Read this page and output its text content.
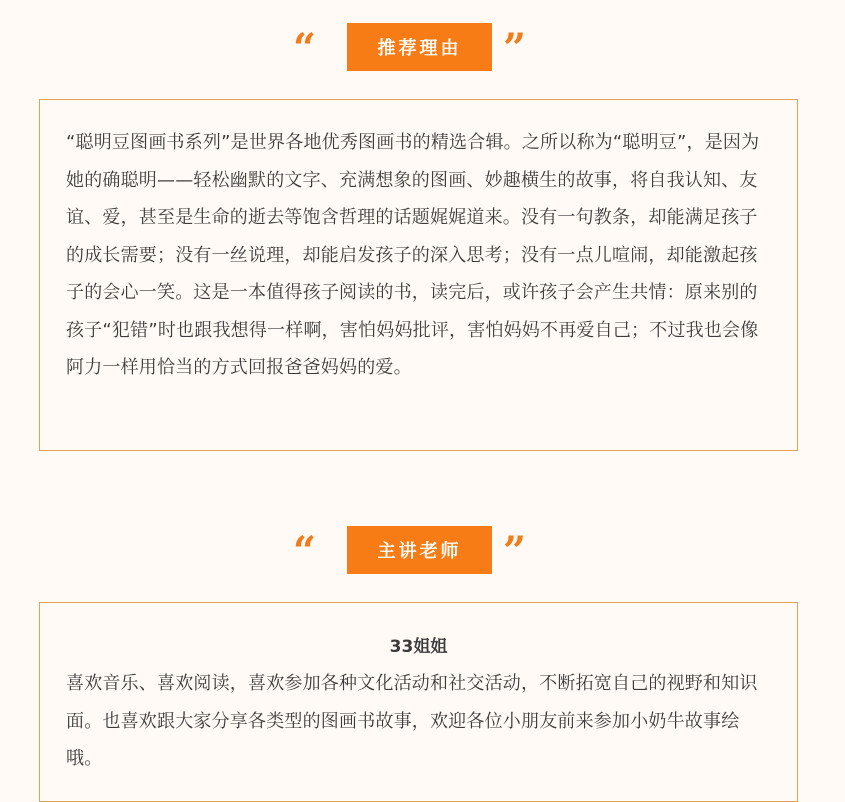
“	推荐理由	”

“聪明豆图画书系列”是世界各地优秀图画书的精选合辑。之所以称为“聪明豆”，是因为她的确聪明——轻松幽默的文字、充满想象的图画、妙趣横生的故事，将自我认知、友谊、爱，甚至是生命的逝去等饱含哲理的话题娓娓道来。没有一句教条，却能满足孩子的成长需要；没有一丝说理，却能启发孩子的深入思考；没有一点儿喧闹，却能激起孩子的会心一笑。这是一本值得孩子阅读的书，读完后，或许孩子会产生共情：原来别的孩子“犯错”时也跟我想得一样啊，害怕妈妈批评，害怕妈妈不再爱自己；不过我也会像阿力一样用恰当的方式回报爸爸妈妈的爱。

“	主讲老师	”

33姐姐

喜欢音乐、喜欢阅读，喜欢参加各种文化活动和社交活动，不断拓宽自己的视野和知识面。也喜欢跟大家分享各类型的图画书故事，欢迎各位小朋友前来参加小奶牛故事绘哦。
